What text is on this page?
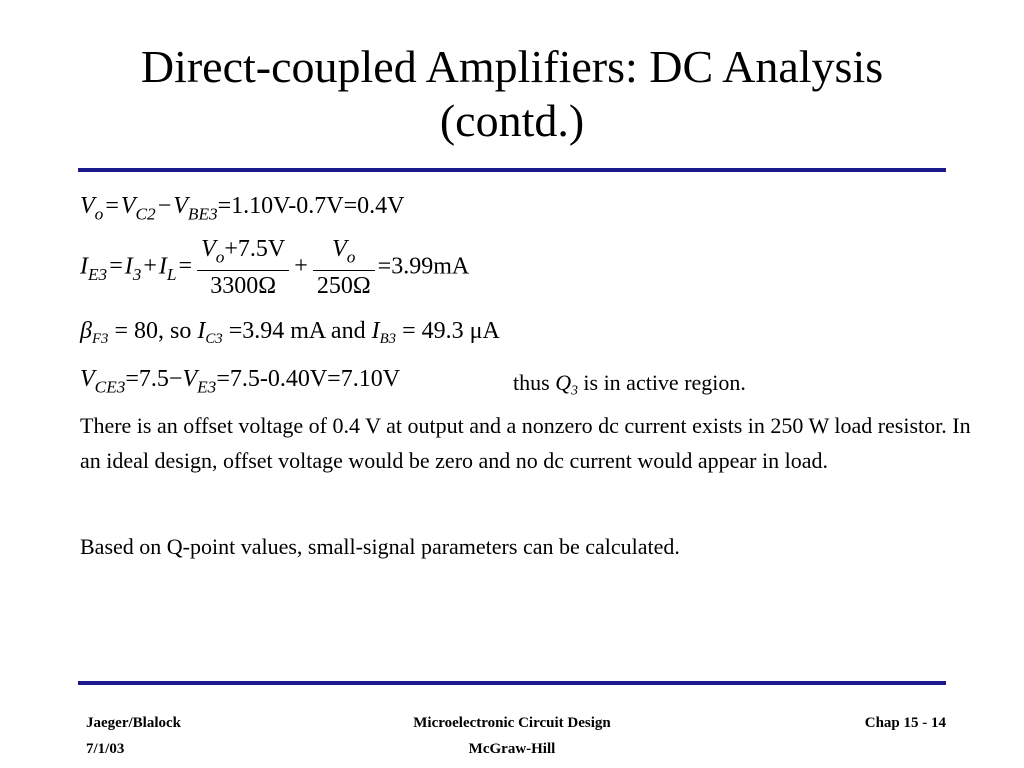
Direct-coupled Amplifiers: DC Analysis
(contd.)
$V_o=V_{C2}-V_{BE3}=1.10V-0.7V=0.4V$
$I_{E3}=I_3+I_L= \frac{V_o+7.5V}{3300\Omega} + \frac{V_o}{250\Omega} =3.99mA$
βF3 = 80, so IC3 =3.94 mA and IB3 = 49.3 μA
$V_{CE3}=7.5-V_{E3}=7.5-0.40V=7.10V$	thus Q3 is in active region.
There is an offset voltage of 0.4 V at output and a nonzero dc current exists in 250 W load resistor. In an ideal design, offset voltage would be zero and no dc current would appear in load.
Based on Q-point values, small-signal parameters can be calculated.
Jaeger/Blalock
7/1/03
Microelectronic Circuit Design
McGraw-Hill
Chap 15 - 14
